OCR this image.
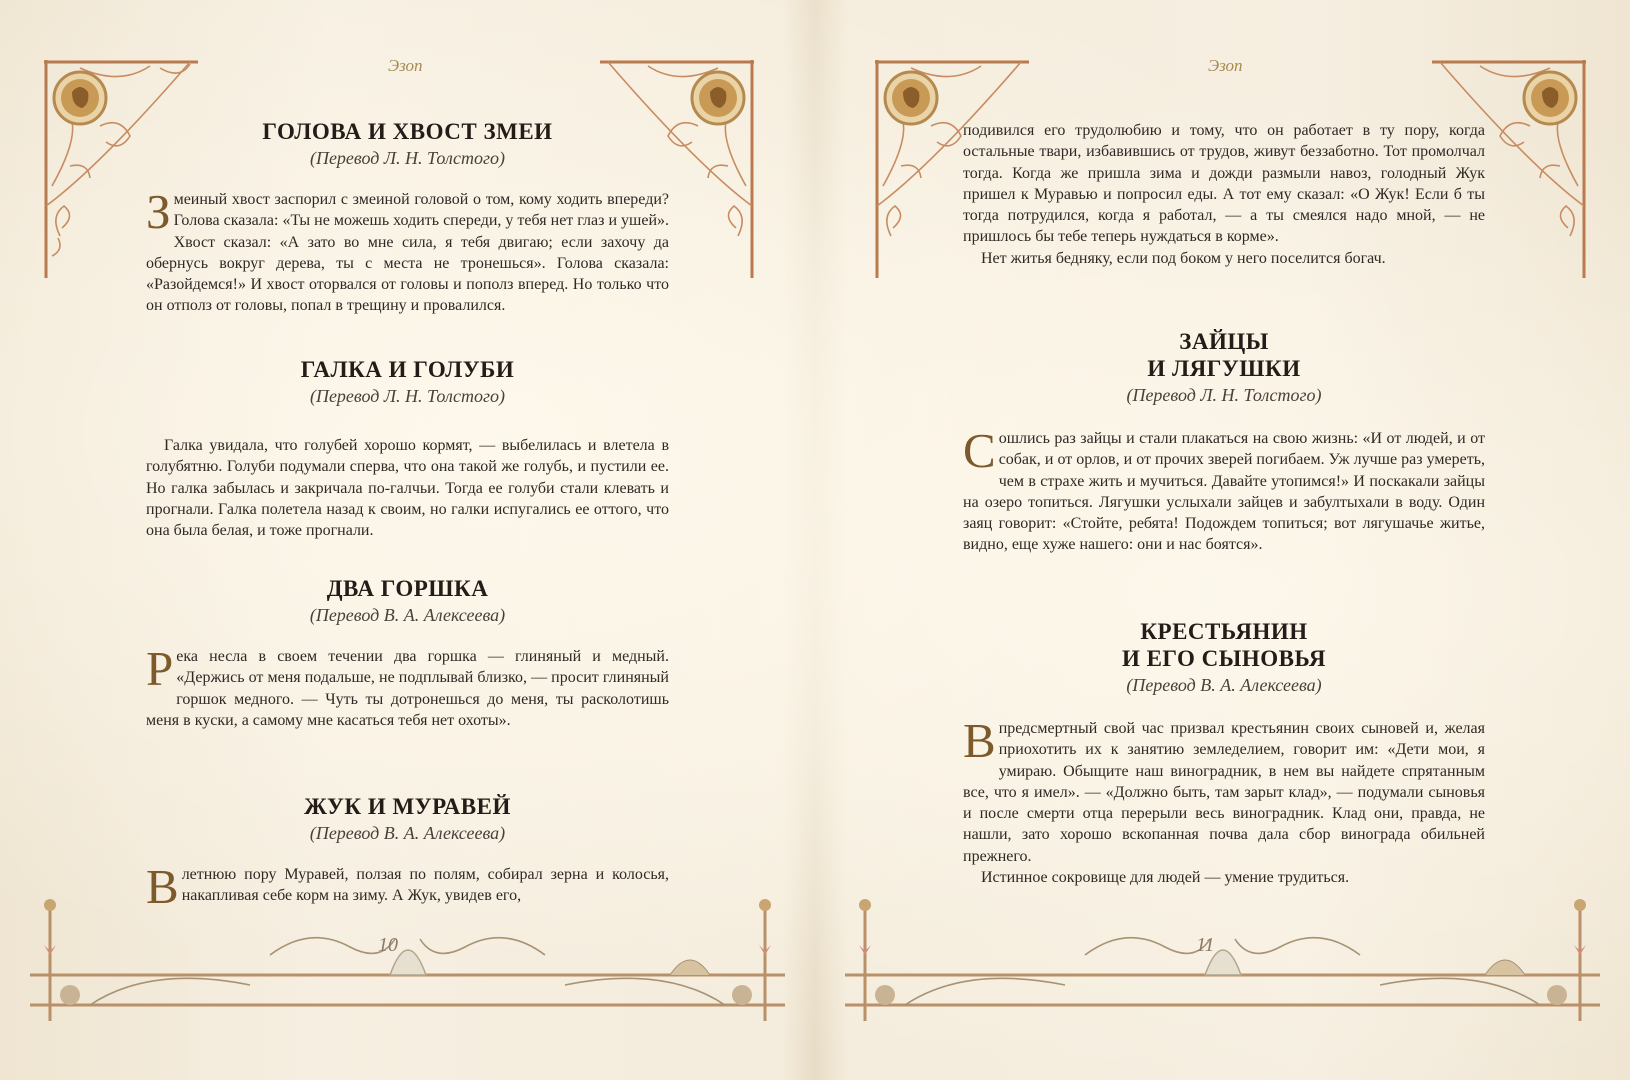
Эзоп
ГОЛОВА И ХВОСТ ЗМЕИ
(Перевод Л. Н. Толстого)

Змеиный хвост заспорил с змеиной головой о том, кому ходить впереди? Голова сказала: «Ты не можешь ходить спереди, у тебя нет глаз и ушей». Хвост сказал: «А зато во мне сила, я тебя двигаю; если захочу да обернусь вокруг дерева, ты с места не тронешься». Голова сказала: «Разойдемся!» И хвост оторвался от головы и пополз вперед. Но только что он отполз от головы, попал в трещину и провалился.

ГАЛКА И ГОЛУБИ
(Перевод Л. Н. Толстого)

Галка увидала, что голубей хорошо кормят, — выбелилась и влетела в голубятню. Голуби подумали сперва, что она такой же голубь, и пустили ее. Но галка забылась и закричала по-галчьи. Тогда ее голуби стали клевать и прогнали. Галка полетела назад к своим, но галки испугались ее оттого, что она была белая, и тоже прогнали.

ДВА ГОРШКА
(Перевод В. А. Алексеева)

Река несла в своем течении два горшка — глиняный и медный. «Держись от меня подальше, не подплывай близко, — просит глиняный горшок медного. — Чуть ты дотронешься до меня, ты расколотишь меня в куски, а самому мне касаться тебя нет охоты».

ЖУК И МУРАВЕЙ
(Перевод В. А. Алексеева)

Влетнюю пору Муравей, ползая по полям, собирал зерна и колосья, накапливая себе корм на зиму. А Жук, увидев его,

10
Эзоп

подивился его трудолюбию и тому, что он работает в ту пору, когда остальные твари, избавившись от трудов, живут беззаботно. Тот промолчал тогда. Когда же пришла зима и дожди размыли навоз, голодный Жук пришел к Муравью и попросил еды. А тот ему сказал: «О Жук! Если б ты тогда потрудился, когда я работал, — а ты смеялся надо мной, — не пришлось бы тебе теперь нуждаться в корме».

Нет житья бедняку, если под боком у него поселится богач.

ЗАЙЦЫ
И ЛЯГУШКИ
(Перевод Л. Н. Толстого)

Сошлись раз зайцы и стали плакаться на свою жизнь: «И от людей, и от собак, и от орлов, и от прочих зверей погибаем. Уж лучше раз умереть, чем в страхе жить и мучиться. Давайте утопимся!» И поскакали зайцы на озеро топиться. Лягушки услыхали зайцев и забултыхали в воду. Один заяц говорит: «Стойте, ребята! Подождем топиться; вот лягушачье житье, видно, еще хуже нашего: они и нас боятся».

КРЕСТЬЯНИН
И ЕГО СЫНОВЬЯ
(Перевод В. А. Алексеева)

Впредсмертный свой час призвал крестьянин своих сыновей и, желая приохотить их к занятию земледелием, говорит им: «Дети мои, я умираю. Обыщите наш виноградник, в нем вы найдете спрятанным все, что я имел». — «Должно быть, там зарыт клад», — подумали сыновья и после смерти отца перерыли весь виноградник. Клад они, правда, не нашли, зато хорошо вскопанная почва дала сбор винограда обильней прежнего.

Истинное сокровище для людей — умение трудиться.

11
